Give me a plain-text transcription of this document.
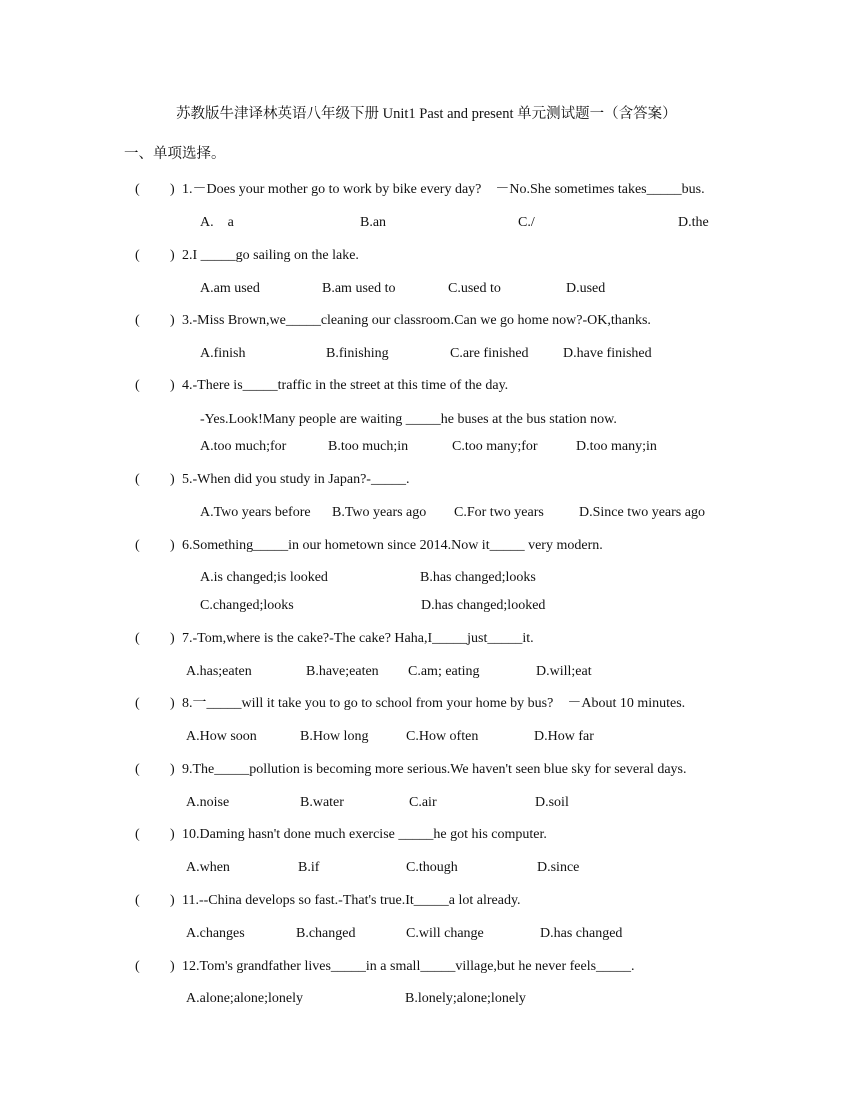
苏教版牛津译林英语八年级下册 Unit1 Past and present 单元测试题一（含答案）
一、单项选择。
( ) 1.－Does your mother go to work by bike every day?　－No.She sometimes takes_____bus.
A.　a	B.an	C./	D.the
( ) 2.I _____go sailing on the lake.
A.am used	B.am used to	C.used to	D.used
( ) 3.-Miss Brown,we_____cleaning our classroom.Can we go home now?-OK,thanks.
A.finish	B.finishing	C.are finished D.have finished
( ) 4.-There is_____traffic in the street at this time of the day.
-Yes.Look!Many people are waiting _____he buses at the bus station now.
A.too much;for	B.too much;in	C.too many;for	D.too many;in
( ) 5.-When did you study in Japan?-_____.
A.Two years before B.Two years ago C.For two years	D.Since two years ago
( ) 6.Something_____in our hometown since 2014.Now it_____ very modern.
A.is changed;is looked	B.has changed;looks
C.changed;looks	D.has changed;looked
( ) 7.-Tom,where is the cake?-The cake? Haha,I_____just_____it.
A.has;eaten	B.have;eaten C.am; eating	D.will;eat
( ) 8.一_____will it take you to go to school from your home by bus?　－About 10 minutes.
A.How soon	B.How long	C.How often	D.How far
( ) 9.The_____pollution is becoming more serious.We haven't seen blue sky for several days.
A.noise	B.water	C.air	D.soil
( ) 10.Daming hasn't done much exercise _____he got his computer.
A.when	B.if	C.though	D.since
( ) 11.--China develops so fast.-That's true.It_____a lot already.
A.changes	B.changed	C.will change	D.has changed
( ) 12.Tom's grandfather lives_____in a small_____village,but he never feels_____.
A.alone;alone;lonely	B.lonely;alone;lonely
